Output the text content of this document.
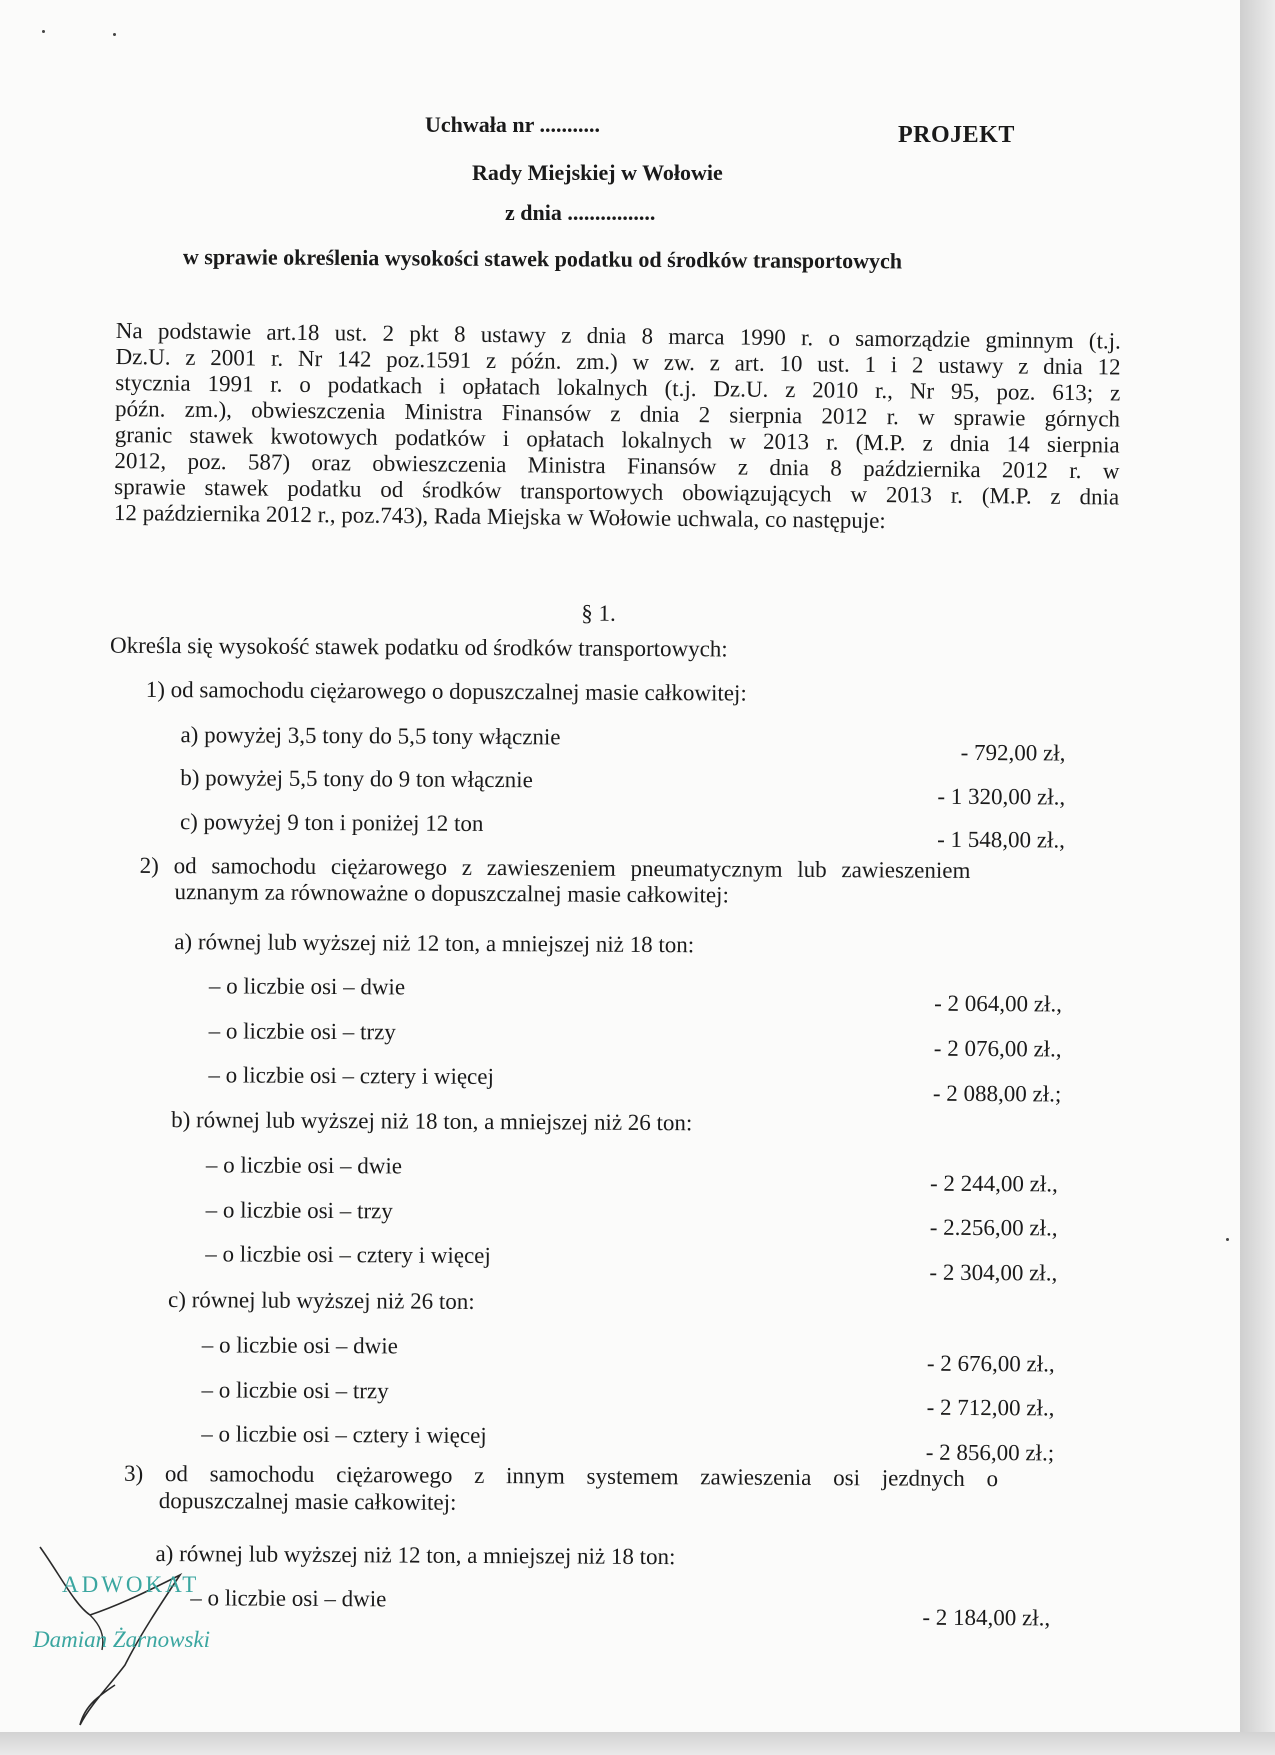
Uchwała nr ...........	PROJEKT
Rady Miejskiej w Wołowie
z dnia ................
w sprawie określenia wysokości stawek podatku od środków transportowych
Na podstawie art.18 ust. 2 pkt 8 ustawy z dnia 8 marca 1990 r. o samorządzie gminnym (t.j.
Dz.U. z 2001 r. Nr 142 poz.1591 z późn. zm.) w zw. z art. 10 ust. 1 i 2 ustawy z dnia 12
stycznia 1991 r. o podatkach i opłatach lokalnych (t.j. Dz.U. z 2010 r., Nr 95, poz. 613; z
późn. zm.), obwieszczenia Ministra Finansów z dnia 2 sierpnia 2012 r. w sprawie górnych
granic stawek kwotowych podatków i opłatach lokalnych w 2013 r. (M.P. z dnia 14 sierpnia
2012, poz. 587) oraz obwieszczenia Ministra Finansów z dnia 8 października 2012 r. w
sprawie stawek podatku od środków transportowych obowiązujących w 2013 r. (M.P. z dnia
12 października 2012 r., poz.743), Rada Miejska w Wołowie uchwala, co następuje:
§ 1.
Określa się wysokość stawek podatku od środków transportowych:
1) od samochodu ciężarowego o dopuszczalnej masie całkowitej:
a) powyżej 3,5 tony do 5,5 tony włącznie
- 792,00 zł,
b) powyżej 5,5 tony do 9 ton włącznie
- 1 320,00 zł.,
c) powyżej 9 ton i poniżej 12 ton
- 1 548,00 zł.,
2) od samochodu ciężarowego z zawieszeniem pneumatycznym lub zawieszeniem
uznanym za równoważne o dopuszczalnej masie całkowitej:
a) równej lub wyższej niż 12 ton, a mniejszej niż 18 ton:
– o liczbie osi – dwie
- 2 064,00 zł.,
– o liczbie osi – trzy
- 2 076,00 zł.,
– o liczbie osi – cztery i więcej
- 2 088,00 zł.;
b) równej lub wyższej niż 18 ton, a mniejszej niż 26 ton:
– o liczbie osi – dwie
- 2 244,00 zł.,
– o liczbie osi – trzy
- 2.256,00 zł.,
– o liczbie osi – cztery i więcej
- 2 304,00 zł.,
c) równej lub wyższej niż 26 ton:
– o liczbie osi – dwie
- 2 676,00 zł.,
– o liczbie osi – trzy
- 2 712,00 zł.,
– o liczbie osi – cztery i więcej
- 2 856,00 zł.;
3) od samochodu ciężarowego z innym systemem zawieszenia osi jezdnych o
dopuszczalnej masie całkowitej:
a) równej lub wyższej niż 12 ton, a mniejszej niż 18 ton:
– o liczbie osi – dwie
- 2 184,00 zł.,
ADWOKAT
Damian Żarnowski
